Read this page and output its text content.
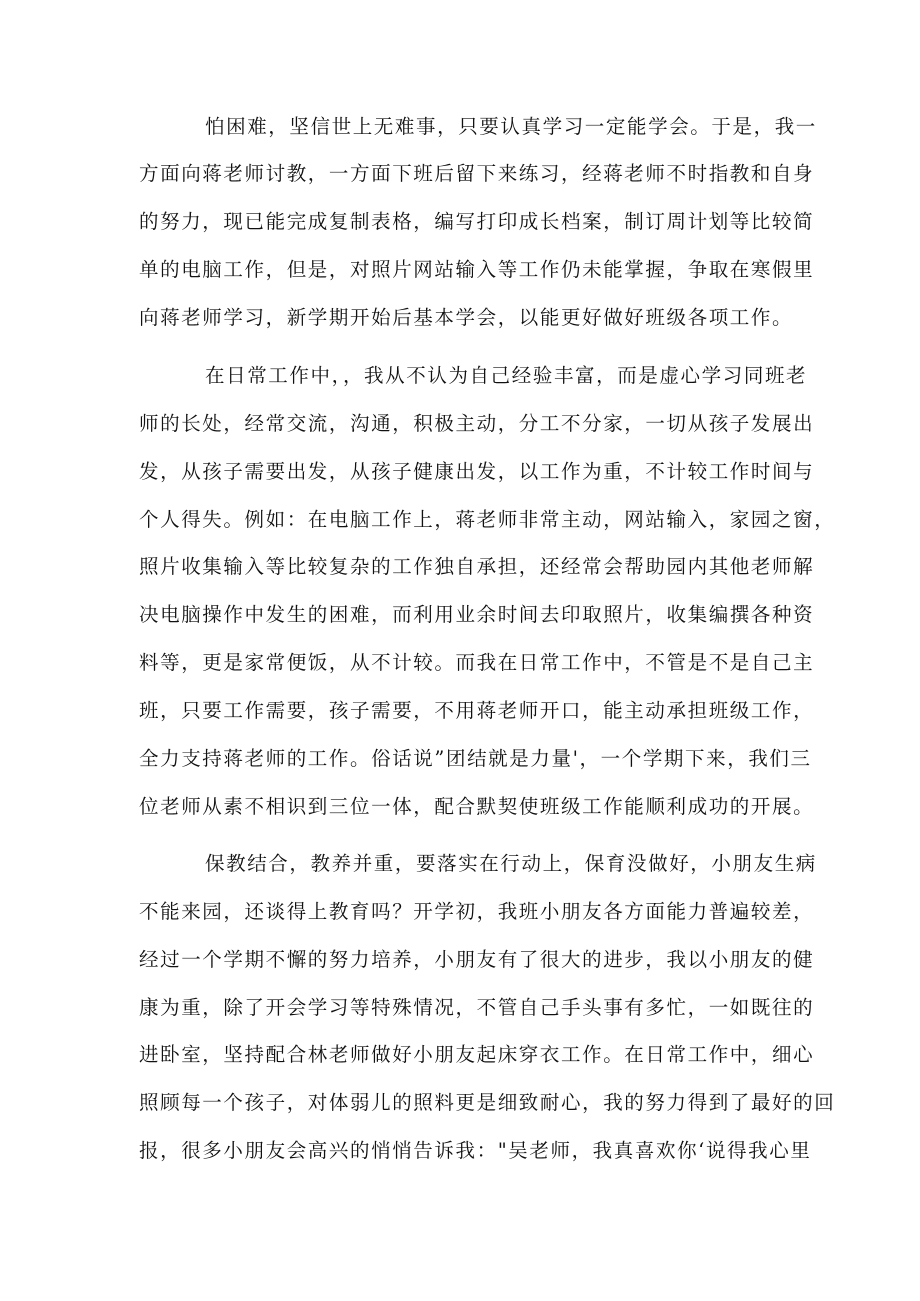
怕困难，坚信世上无难事，只要认真学习一定能学会。于是，我一
方面向蒋老师讨教，一方面下班后留下来练习，经蒋老师不时指教和自身
的努力，现已能完成复制表格，编写打印成长档案，制订周计划等比较简
单的电脑工作，但是，对照片网站输入等工作仍未能掌握，争取在寒假里
向蒋老师学习，新学期开始后基本学会，以能更好做好班级各项工作。
在日常工作中，，我从不认为自己经验丰富，而是虚心学习同班老
师的长处，经常交流，沟通，积极主动，分工不分家，一切从孩子发展出
发，从孩子需要出发，从孩子健康出发，以工作为重，不计较工作时间与
个人得失。例如：在电脑工作上，蒋老师非常主动，网站输入，家园之窗，
照片收集输入等比较复杂的工作独自承担，还经常会帮助园内其他老师解
决电脑操作中发生的困难，而利用业余时间去印取照片，收集编撰各种资
料等，更是家常便饭，从不计较。而我在日常工作中，不管是不是自己主
班，只要工作需要，孩子需要，不用蒋老师开口，能主动承担班级工作，
全力支持蒋老师的工作。俗话说”团结就是力量'，一个学期下来，我们三
位老师从素不相识到三位一体，配合默契使班级工作能顺利成功的开展。
保教结合，教养并重，要落实在行动上，保育没做好，小朋友生病
不能来园，还谈得上教育吗？开学初，我班小朋友各方面能力普遍较差，
经过一个学期不懈的努力培养，小朋友有了很大的进步，我以小朋友的健
康为重，除了开会学习等特殊情况，不管自己手头事有多忙，一如既往的
进卧室，坚持配合林老师做好小朋友起床穿衣工作。在日常工作中，细心
照顾每一个孩子，对体弱儿的照料更是细致耐心，我的努力得到了最好的回
报，很多小朋友会高兴的悄悄告诉我："吴老师，我真喜欢你‘说得我心里
